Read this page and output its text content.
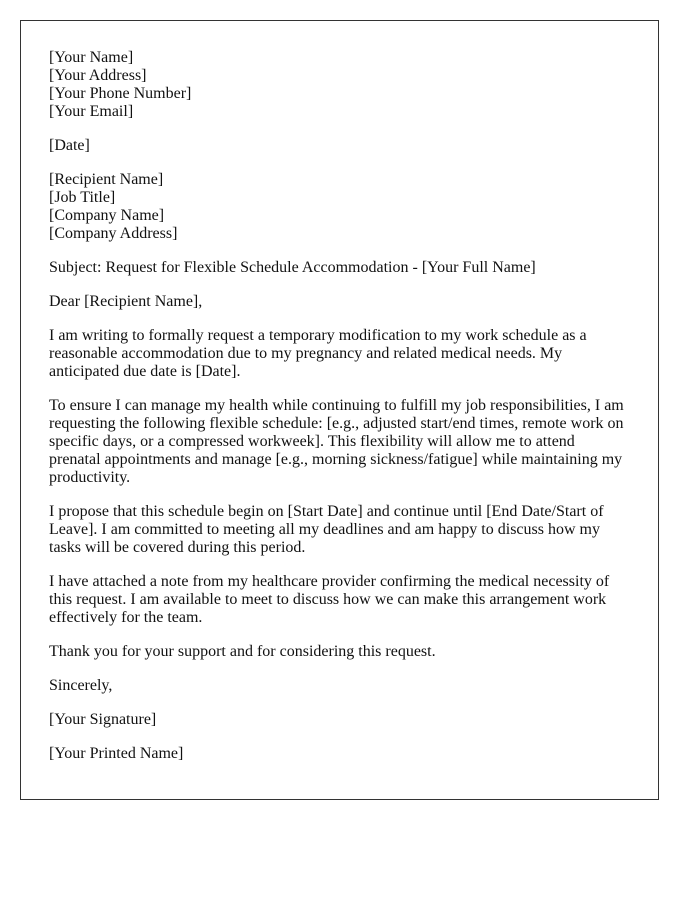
[Your Name]
[Your Address]
[Your Phone Number]
[Your Email]

[Date]

[Recipient Name]
[Job Title]
[Company Name]
[Company Address]

Subject: Request for Flexible Schedule Accommodation - [Your Full Name]

Dear [Recipient Name],

I am writing to formally request a temporary modification to my work schedule as a reasonable accommodation due to my pregnancy and related medical needs. My anticipated due date is [Date].

To ensure I can manage my health while continuing to fulfill my job responsibilities, I am requesting the following flexible schedule: [e.g., adjusted start/end times, remote work on specific days, or a compressed workweek]. This flexibility will allow me to attend prenatal appointments and manage [e.g., morning sickness/fatigue] while maintaining my productivity.

I propose that this schedule begin on [Start Date] and continue until [End Date/Start of Leave]. I am committed to meeting all my deadlines and am happy to discuss how my tasks will be covered during this period.

I have attached a note from my healthcare provider confirming the medical necessity of this request. I am available to meet to discuss how we can make this arrangement work effectively for the team.

Thank you for your support and for considering this request.

Sincerely,

[Your Signature]

[Your Printed Name]
